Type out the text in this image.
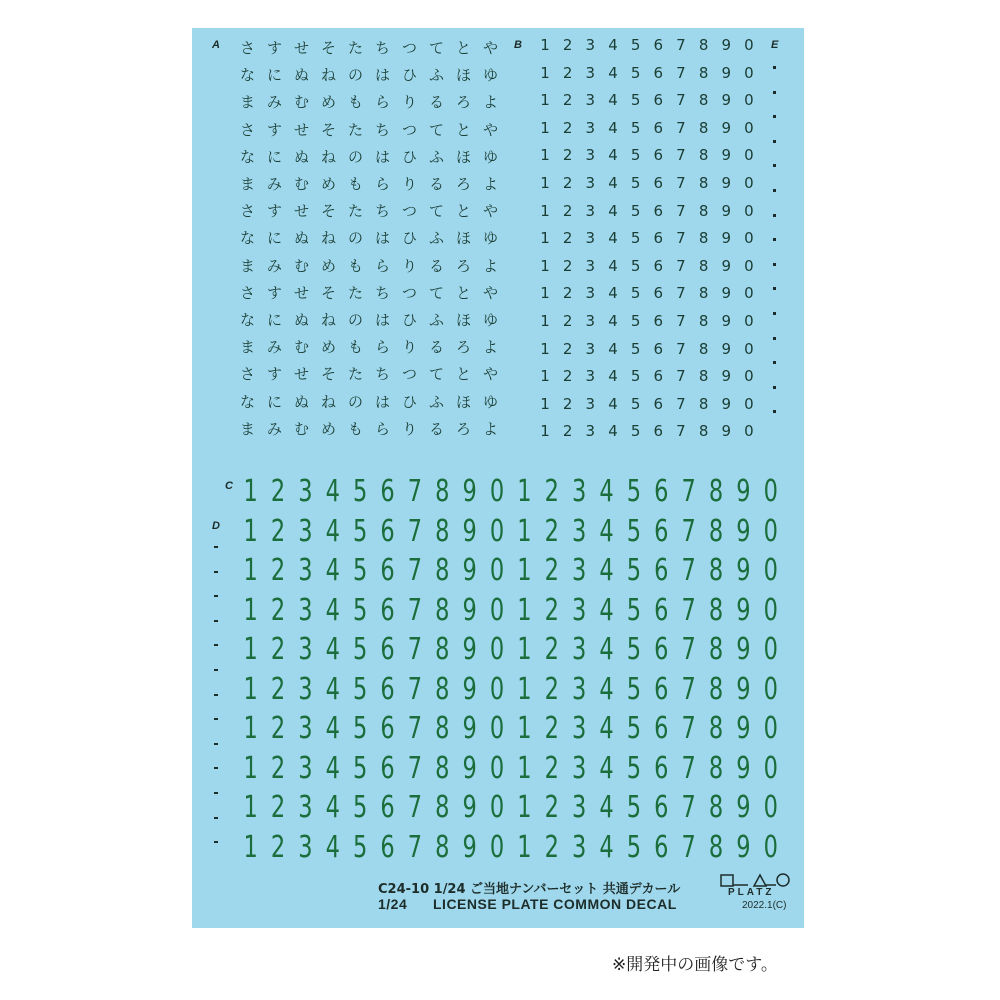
A	B	E
C
D
さ す せ そ た ち つ て と や
な に ぬ ね の は ひ ふ ほ ゆ
ま み む め も ら り る ろ よ
さ す せ そ た ち つ て と や
な に ぬ ね の は ひ ふ ほ ゆ
ま み む め も ら り る ろ よ
さ す せ そ た ち つ て と や
な に ぬ ね の は ひ ふ ほ ゆ
ま み む め も ら り る ろ よ
さ す せ そ た ち つ て と や
な に ぬ ね の は ひ ふ ほ ゆ
ま み む め も ら り る ろ よ
さ す せ そ た ち つ て と や
な に ぬ ね の は ひ ふ ほ ゆ
ま み む め も ら り る ろ よ
1 2 3 4 5 6 7 8 9 0
1 2 3 4 5 6 7 8 9 0
1 2 3 4 5 6 7 8 9 0
1 2 3 4 5 6 7 8 9 0
1 2 3 4 5 6 7 8 9 0
1 2 3 4 5 6 7 8 9 0
1 2 3 4 5 6 7 8 9 0
1 2 3 4 5 6 7 8 9 0
1 2 3 4 5 6 7 8 9 0
1 2 3 4 5 6 7 8 9 0
1 2 3 4 5 6 7 8 9 0
1 2 3 4 5 6 7 8 9 0
1 2 3 4 5 6 7 8 9 0
1 2 3 4 5 6 7 8 9 0
1 2 3 4 5 6 7 8 9 0
1 2 3 4 5 6 7 8 9 0 1 2 3 4 5 6 7 8 9 0
1 2 3 4 5 6 7 8 9 0 1 2 3 4 5 6 7 8 9 0
1 2 3 4 5 6 7 8 9 0 1 2 3 4 5 6 7 8 9 0
1 2 3 4 5 6 7 8 9 0 1 2 3 4 5 6 7 8 9 0
1 2 3 4 5 6 7 8 9 0 1 2 3 4 5 6 7 8 9 0
1 2 3 4 5 6 7 8 9 0 1 2 3 4 5 6 7 8 9 0
1 2 3 4 5 6 7 8 9 0 1 2 3 4 5 6 7 8 9 0
1 2 3 4 5 6 7 8 9 0 1 2 3 4 5 6 7 8 9 0
1 2 3 4 5 6 7 8 9 0 1 2 3 4 5 6 7 8 9 0
1 2 3 4 5 6 7 8 9 0 1 2 3 4 5 6 7 8 9 0
C24-10 1/24 ご当地ナンバーセット 共通デカール
1/24 LICENSE PLATE COMMON DECAL
PLATZ
2022.1(C)
※開発中の画像です。
